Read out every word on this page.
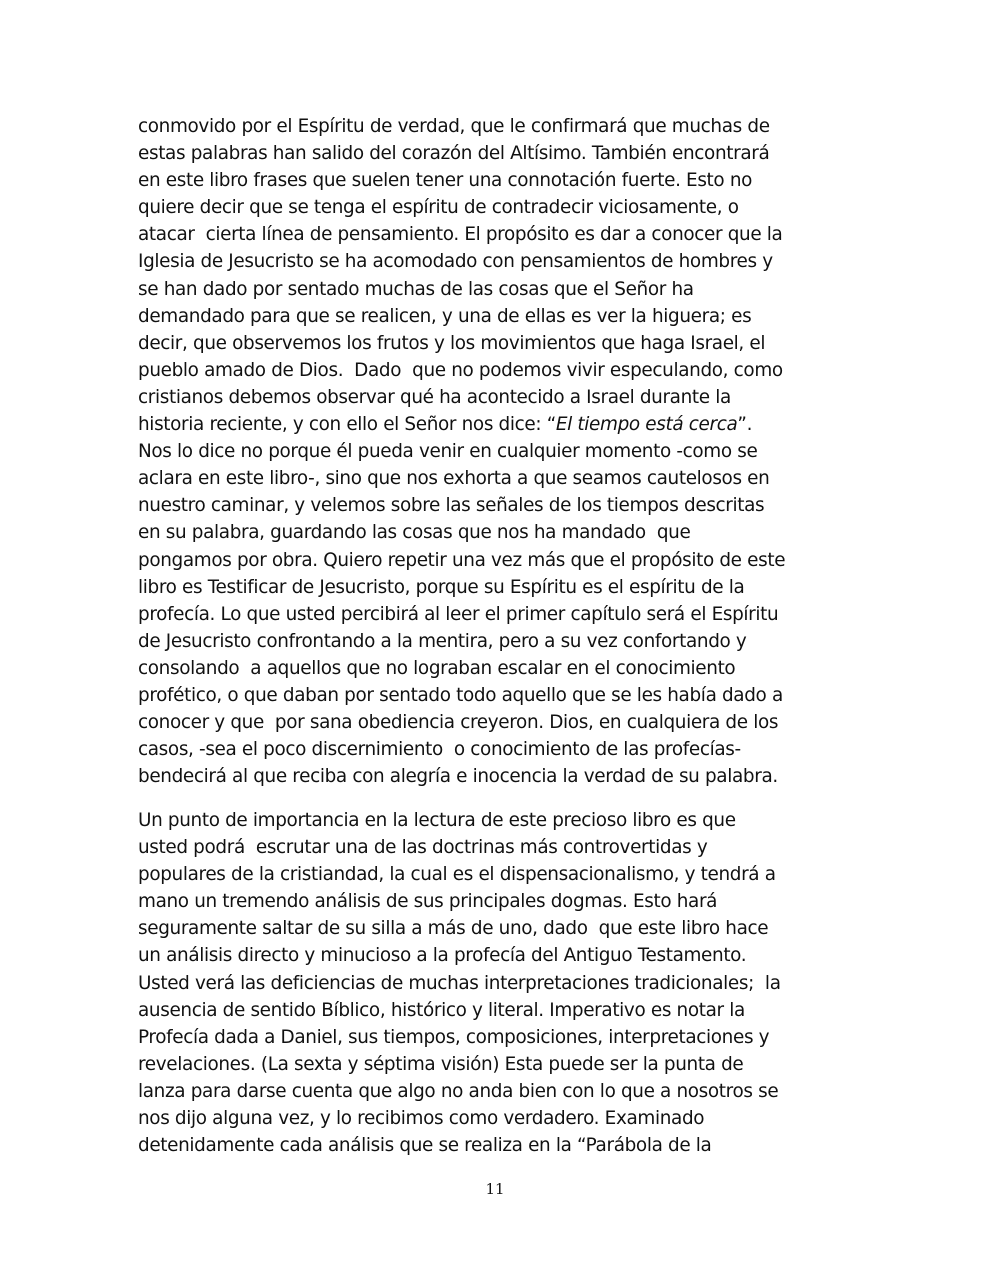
conmovido por el Espíritu de verdad, que le confirmará que muchas de
estas palabras han salido del corazón del Altísimo. También encontrará
en este libro frases que suelen tener una connotación fuerte. Esto no
quiere decir que se tenga el espíritu de contradecir viciosamente, o
atacar  cierta línea de pensamiento. El propósito es dar a conocer que la
Iglesia de Jesucristo se ha acomodado con pensamientos de hombres y
se han dado por sentado muchas de las cosas que el Señor ha
demandado para que se realicen, y una de ellas es ver la higuera; es
decir, que observemos los frutos y los movimientos que haga Israel, el
pueblo amado de Dios.  Dado  que no podemos vivir especulando, como
cristianos debemos observar qué ha acontecido a Israel durante la
historia reciente, y con ello el Señor nos dice: “El tiempo está cerca”.
Nos lo dice no porque él pueda venir en cualquier momento -como se
aclara en este libro-, sino que nos exhorta a que seamos cautelosos en
nuestro caminar, y velemos sobre las señales de los tiempos descritas
en su palabra, guardando las cosas que nos ha mandado  que
pongamos por obra. Quiero repetir una vez más que el propósito de este
libro es Testificar de Jesucristo, porque su Espíritu es el espíritu de la
profecía. Lo que usted percibirá al leer el primer capítulo será el Espíritu
de Jesucristo confrontando a la mentira, pero a su vez confortando y
consolando  a aquellos que no lograban escalar en el conocimiento
profético, o que daban por sentado todo aquello que se les había dado a
conocer y que  por sana obediencia creyeron. Dios, en cualquiera de los
casos, -sea el poco discernimiento  o conocimiento de las profecías-
bendecirá al que reciba con alegría e inocencia la verdad de su palabra.
Un punto de importancia en la lectura de este precioso libro es que
usted podrá  escrutar una de las doctrinas más controvertidas y
populares de la cristiandad, la cual es el dispensacionalismo, y tendrá a
mano un tremendo análisis de sus principales dogmas. Esto hará
seguramente saltar de su silla a más de uno, dado  que este libro hace
un análisis directo y minucioso a la profecía del Antiguo Testamento.
Usted verá las deficiencias de muchas interpretaciones tradicionales;  la
ausencia de sentido Bíblico, histórico y literal. Imperativo es notar la
Profecía dada a Daniel, sus tiempos, composiciones, interpretaciones y
revelaciones. (La sexta y séptima visión) Esta puede ser la punta de
lanza para darse cuenta que algo no anda bien con lo que a nosotros se
nos dijo alguna vez, y lo recibimos como verdadero. Examinado
detenidamente cada análisis que se realiza en la “Parábola de la
11
